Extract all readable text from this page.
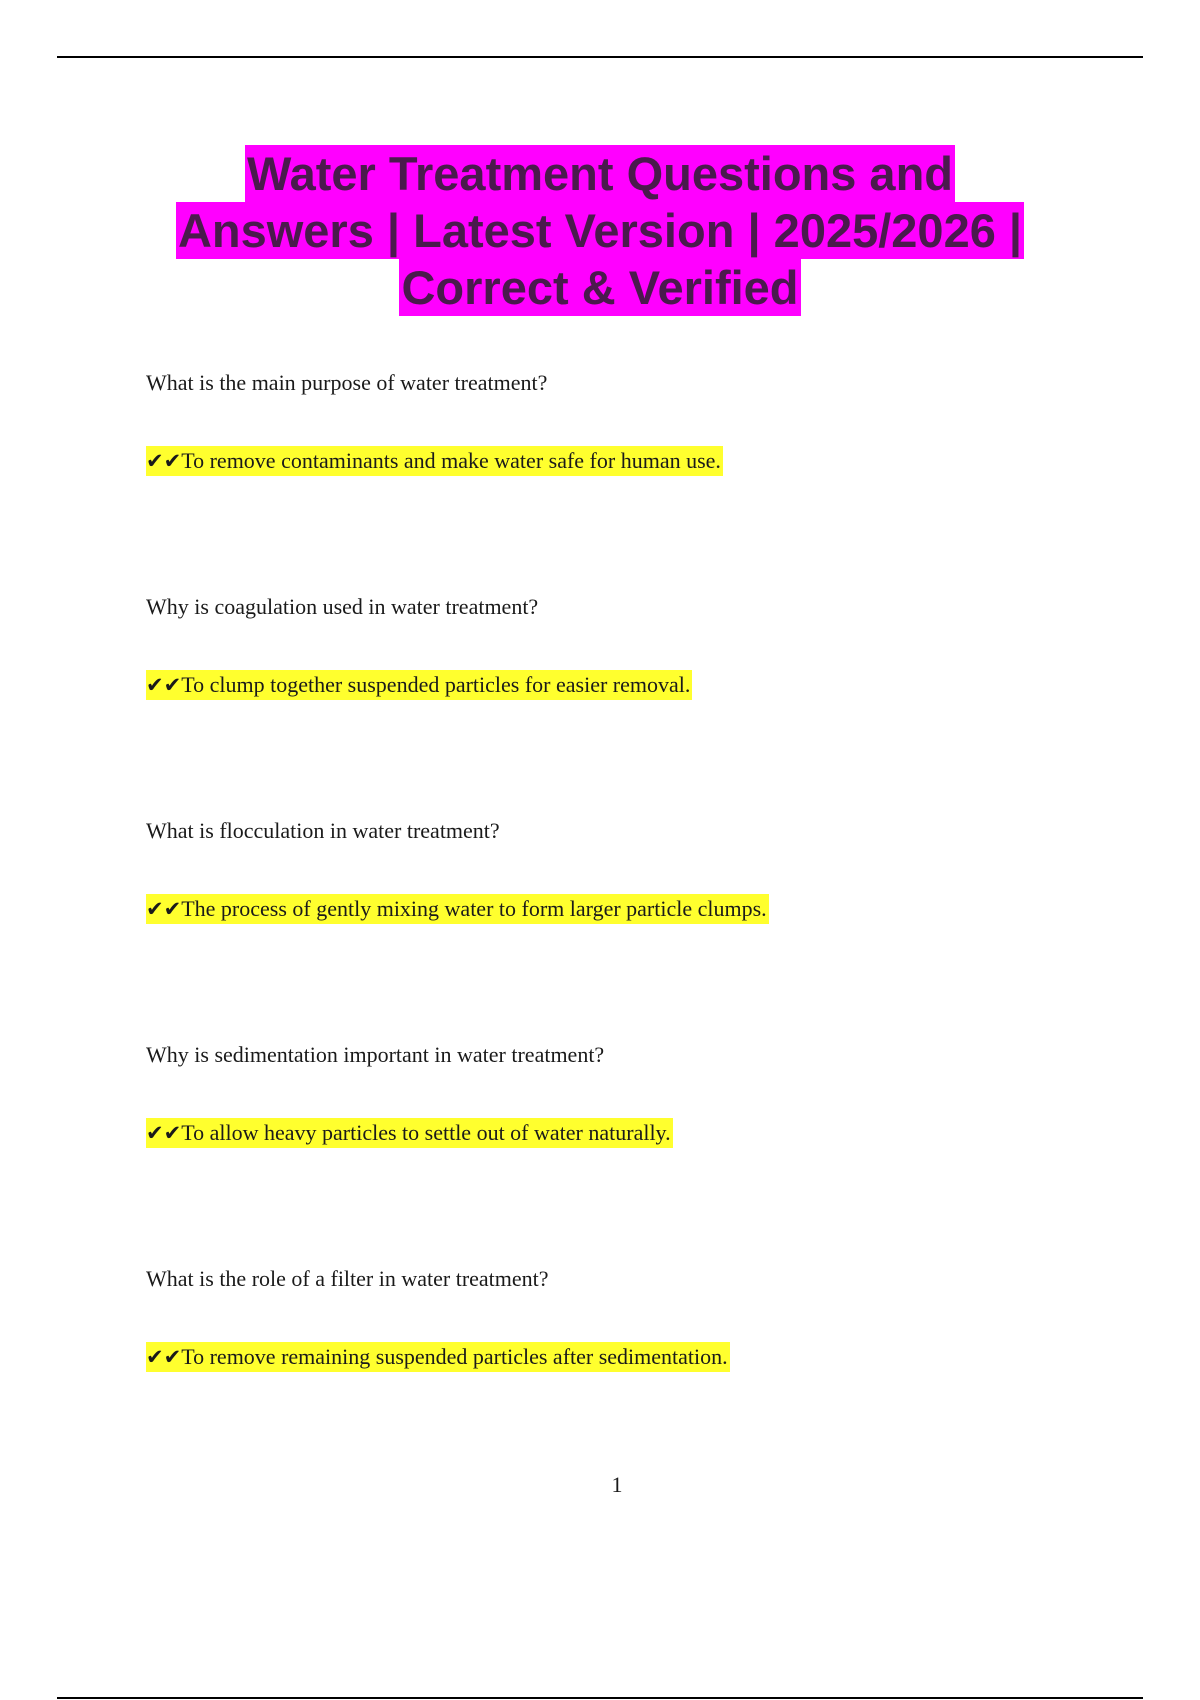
Water Treatment Questions and
Answers | Latest Version | 2025/2026 |
Correct & Verified
What is the main purpose of water treatment?
✔✔To remove contaminants and make water safe for human use.
Why is coagulation used in water treatment?
✔✔To clump together suspended particles for easier removal.
What is flocculation in water treatment?
✔✔The process of gently mixing water to form larger particle clumps.
Why is sedimentation important in water treatment?
✔✔To allow heavy particles to settle out of water naturally.
What is the role of a filter in water treatment?
✔✔To remove remaining suspended particles after sedimentation.
1
